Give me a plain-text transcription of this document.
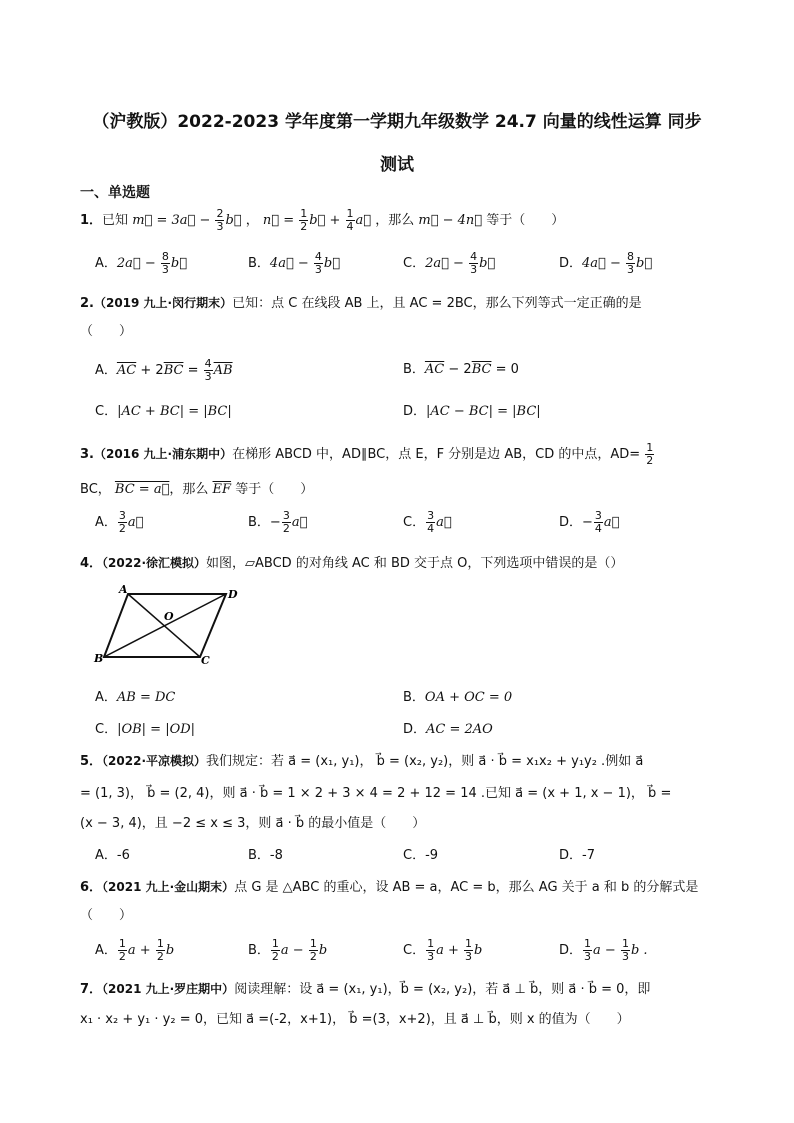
（沪教版）2022-2023 学年度第一学期九年级数学 24.7 向量的线性运算 同步
测试
一、单选题
1．已知 m⃗ = 3a⃗ − $\frac{2}{3}$ b⃗ ， n⃗ = $\frac{1}{2}$ b⃗ + $\frac{1}{4}$ a⃗ ，那么 m⃗ − 4n⃗ 等于（　　）
A．2a⃗ − $\frac{8}{3}$ b⃗	B．4a⃗ − $\frac{4}{3}$ b⃗	C．2a⃗ − $\frac{4}{3}$ b⃗	D．4a⃗ − $\frac{8}{3}$ b⃗
2.（2019 九上·闵行期末）已知：点 C 在线段 AB 上，且 AC = 2BC，那么下列等式一定正确的是
（　　）
A．$\overline{AC} + 2\overline{BC} = \frac{4}{3} \overline{AB}$	B．$\overline{AC} - 2\overline{BC} = 0$
C．|AC + BC| = |BC|	D．|AC − BC| = |BC|
3.（2016 九上·浦东期中）在梯形 ABCD 中，AD∥BC，点 E，F 分别是边 AB，CD 的中点，$AD= \frac{1}{2}$
BC， BC = a⃗，那么 $\overline{EF}$ 等于（　　）
A． $\frac{3}{2}$ a⃗	B．− $\frac{3}{2}$ a⃗	C． $\frac{3}{4}$ a⃗	D．− $\frac{3}{4}$ a⃗
4．（2022·徐汇模拟）如图，▱ABCD 的对角线 AC 和 BD 交于点 O，下列选项中错误的是（）
A	D
B	C
O
A．AB = DC	B．OA + OC = 0
C．|OB| = |OD|	D．AC = 2AO
5．（2022·平凉模拟）我们规定：若 a⃗ = (x₁, y₁)， b⃗ = (x₂, y₂)，则 a⃗ · b⃗ = x₁x₂ + y₁y₂ .例如 a⃗
= (1, 3)， b⃗ = (2, 4)，则 a⃗ · b⃗ = 1 × 2 + 3 × 4 = 2 + 12 = 14 .已知 a⃗ = (x + 1, x − 1)， b⃗ =
(x − 3, 4)，且 −2 ≤ x ≤ 3，则 a⃗ · b⃗ 的最小值是（　　）
A．-6	B．-8	C．-9	D．-7
6．（2021 九上·金山期末）点 G 是 △ABC 的重心，设 AB = a，AC = b，那么 AG 关于 a 和 b 的分解式是
（　　）
A． $\frac{1}{2}$ $a + \frac{1}{2}$ b	B． $\frac{1}{2}$ $a - \frac{1}{2}$ b	C． $\frac{1}{3}$ $a + \frac{1}{3}$ b	D． $\frac{1}{3}$ $a - \frac{1}{3}$ b .
7．（2021 九上·罗庄期中）阅读理解：设 a⃗ = (x₁, y₁)，b⃗ = (x₂, y₂)，若 a⃗ ⊥ b⃗，则 a⃗ · b⃗ = 0，即
x₁ · x₂ + y₁ · y₂ = 0，已知 a⃗ =(-2，x+1)， b⃗ =(3，x+2)，且 a⃗ ⊥ b⃗，则 x 的值为（　　）
